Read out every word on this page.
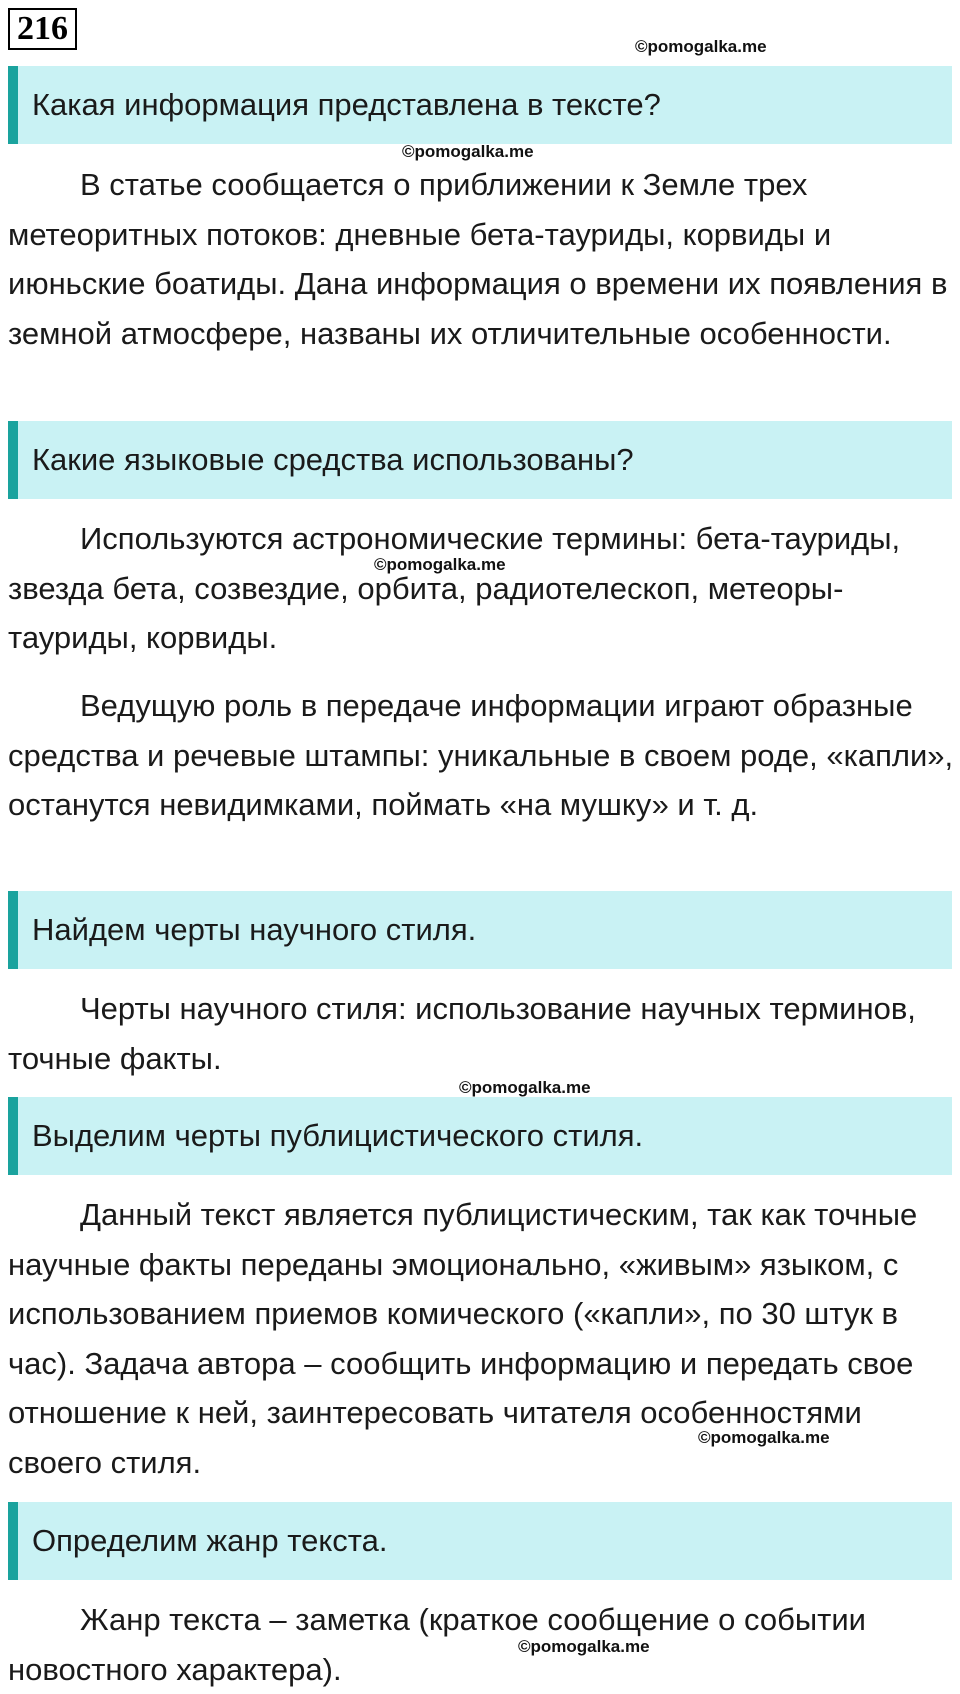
216
Какая информация представлена в тексте?

В статье сообщается о приближении к Земле трех метеоритных потоков: дневные бета-тауриды, корвиды и июньские боатиды. Дана информация о времени их появления в земной атмосфере, названы их отличительные особенности.

Какие языковые средства использованы?

Используются астрономические термины: бета-тауриды, звезда бета, созвездие, орбита, радиотелескоп, метеоры-тауриды, корвиды.

Ведущую роль в передаче информации играют образные средства и речевые штампы: уникальные в своем роде, «капли», останутся невидимками, поймать «на мушку» и т. д.

Найдем черты научного стиля.

Черты научного стиля: использование научных терминов, точные факты.

Выделим черты публицистического стиля.

Данный текст является публицистическим, так как точные научные факты переданы эмоционально, «живым» языком, с использованием приемов комического («капли», по 30 штук в час). Задача автора – сообщить информацию и передать свое отношение к ней, заинтересовать читателя особенностями своего стиля.

Определим жанр текста.

Жанр текста – заметка (краткое сообщение о событии новостного характера).

©pomogalka.me
©pomogalka.me
©pomogalka.me
©pomogalka.me
©pomogalka.me
©pomogalka.me
